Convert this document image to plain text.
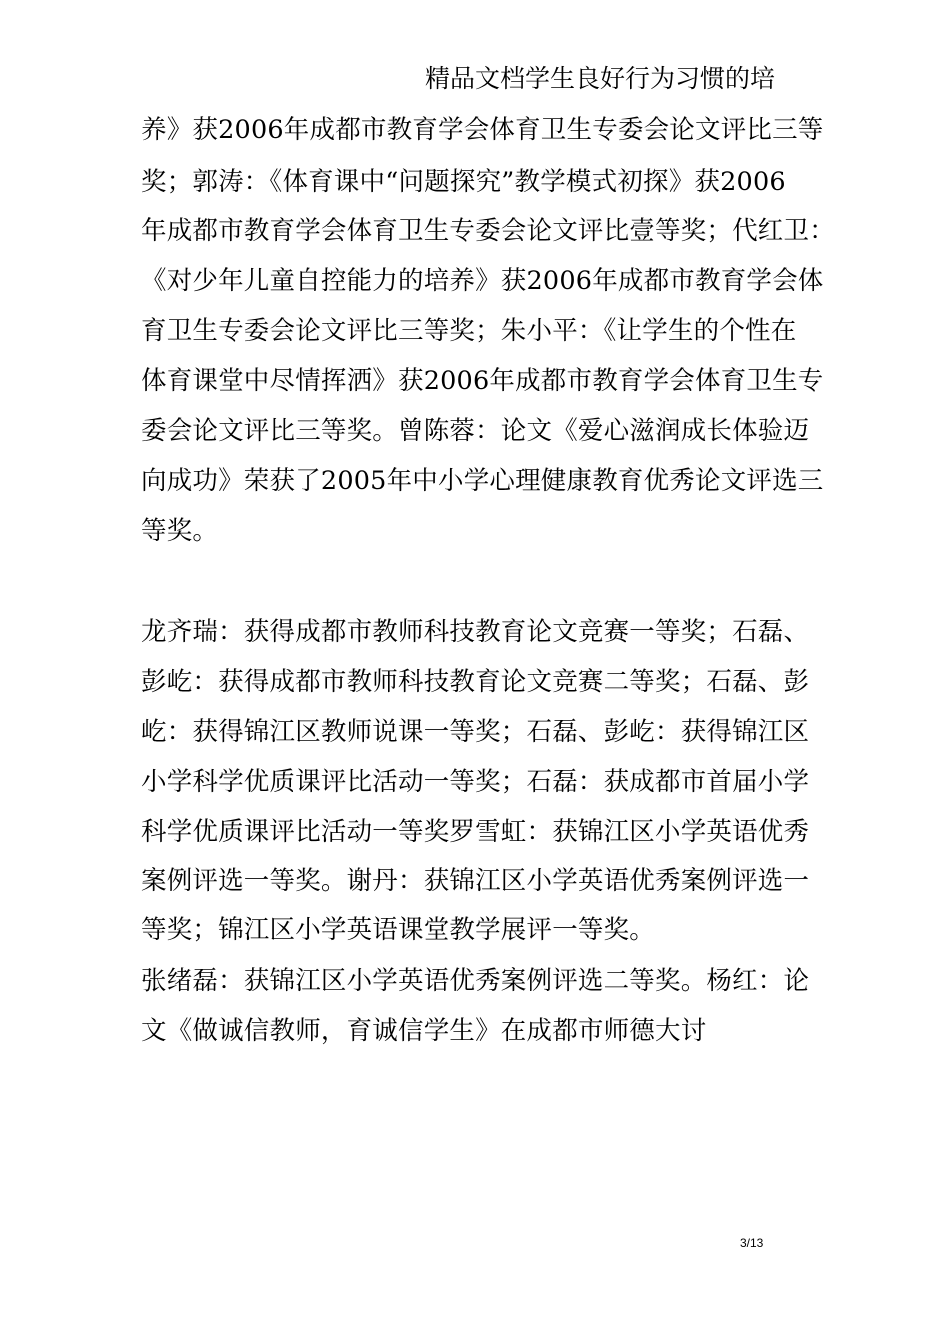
精品文档学生良好行为习惯的培
养》获2006年成都市教育学会体育卫生专委会论文评比三等
奖；郭涛：《体育课中“问题探究”教学模式初探》获2006
年成都市教育学会体育卫生专委会论文评比壹等奖；代红卫：
《对少年儿童自控能力的培养》获2006年成都市教育学会体
育卫生专委会论文评比三等奖；朱小平：《让学生的个性在
体育课堂中尽情挥洒》获2006年成都市教育学会体育卫生专
委会论文评比三等奖。曾陈蓉：论文《爱心滋润成长体验迈
向成功》荣获了2005年中小学心理健康教育优秀论文评选三
等奖。
龙齐瑞：获得成都市教师科技教育论文竞赛一等奖；石磊、
彭屹：获得成都市教师科技教育论文竞赛二等奖；石磊、彭
屹：获得锦江区教师说课一等奖；石磊、彭屹：获得锦江区
小学科学优质课评比活动一等奖；石磊：获成都市首届小学
科学优质课评比活动一等奖罗雪虹：获锦江区小学英语优秀
案例评选一等奖。谢丹：获锦江区小学英语优秀案例评选一
等奖；锦江区小学英语课堂教学展评一等奖。
张绪磊：获锦江区小学英语优秀案例评选二等奖。杨红：论
文《做诚信教师，育诚信学生》在成都市师德大讨
3/13
